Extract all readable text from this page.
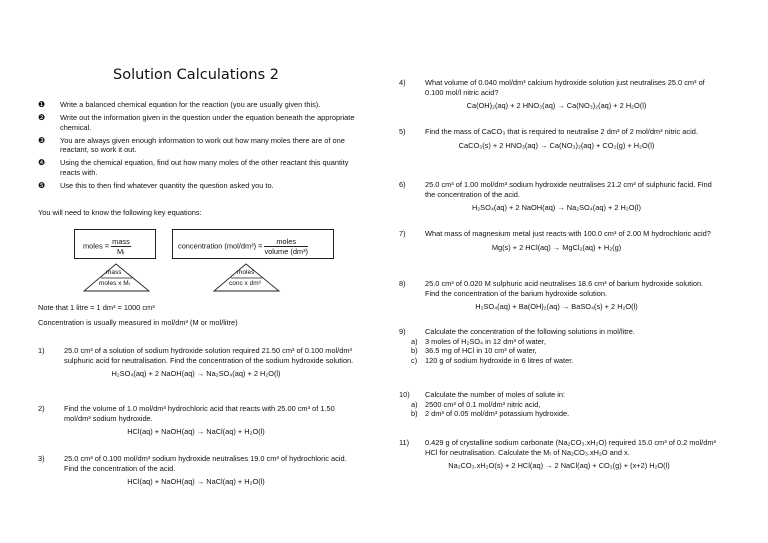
Solution Calculations 2
❶ Write a balanced chemical equation for the reaction (you are usually given this).
❷ Write out the information given in the question under the equation beneath the appropriate chemical.
❸ You are always given enough information to work out how many moles there are of one reactant, so work it out.
❹ Using the chemical equation, find out how many moles of the other reactant this quantity reacts with.
❺ Use this to then find whatever quantity the question asked you to.
You will need to know the following key equations:
moles = $\frac{\text{mass}}{\text{Mᵣ}}$	concentration $(mol/dm^3) = \frac{\text{moles}}{\text{volume (dm³)}}$
mass
moles x Mᵣ
moles
conc x dm³
Note that 1 litre = 1 dm³ = 1000 cm³
Concentration is usually measured in mol/dm³ (M or mol/litre)
1)	25.0 cm³ of a solution of sodium hydroxide solution required 21.50 cm³ of 0.100 mol/dm³ sulphuric acid for neutralisation. Find the concentration of the sodium hydroxide solution.
H₂SO₄(aq) + 2 NaOH(aq) → Na₂SO₄(aq) + 2 H₂O(l)
2)	Find the volume of 1.0 mol/dm³ hydrochloric acid that reacts with 25.00 cm³ of 1.50 mol/dm³ sodium hydroxide.
HCl(aq) + NaOH(aq) → NaCl(aq) + H₂O(l)
3)	25.0 cm³ of 0.100 mol/dm³ sodium hydroxide neutralises 19.0 cm³ of hydrochloric acid. Find the concentration of the acid.
HCl(aq) + NaOH(aq) → NaCl(aq) + H₂O(l)
4)	What volume of 0.040 mol/dm³ calcium hydroxide solution just neutralises 25.0 cm³ of 0.100 mol/l nitric acid?
Ca(OH)₂(aq) + 2 HNO₃(aq) → Ca(NO₃)₂(aq) + 2 H₂O(l)
5)	Find the mass of CaCO₃ that is required to neutralise 2 dm³ of 2 mol/dm³ nitric acid.
CaCO₃(s) + 2 HNO₃(aq) → Ca(NO₃)₂(aq) + CO₂(g) + H₂O(l)
6)	25.0 cm³ of 1.00 mol/dm³ sodium hydroxide neutralises 21.2 cm³ of sulphuric facid. Find the concentration of the acid.
H₂SO₄(aq) + 2 NaOH(aq) → Na₂SO₄(aq) + 2 H₂O(l)
7)	What mass of magnesium metal just reacts with 100.0 cm³ of 2.00 M hydrochloric acid?
Mg(s) + 2 HCl(aq) → MgCl₂(aq) + H₂(g)
8)	25.0 cm³ of 0.020 M sulphuric acid neutralises 18.6 cm³ of barium hydroxide solution. Find the concentration of the barium hydroxide solution.
H₂SO₄(aq) + Ba(OH)₂(aq) → BaSO₄(s) + 2 H₂O(l)
9)	Calculate the concentration of the following solutions in mol/litre.
a)	3 moles of H₂SO₄ in 12 dm³ of water,
b)	36.5 mg of HCl in 10 cm³ of water,
c)	120 g of sodium hydroxide in 6 litres of water.
10) Calculate the number of moles of solute in:
a)	2500 cm³ of 0.1 mol/dm³ nitric acid,
b)	2 dm³ of 0.05 mol/dm³ potassium hydroxide.
11) 0.429 g of crystalline sodium carbonate (Na₂CO₃.xH₂O) required 15.0 cm³ of 0.2 mol/dm³ HCl for neutralisation. Calculate the Mᵣ of Na₂CO₃.xH₂O and x.
Na₂CO₃.xH₂O(s) + 2 HCl(aq) → 2 NaCl(aq) + CO₂(g) + (x+2) H₂O(l)
